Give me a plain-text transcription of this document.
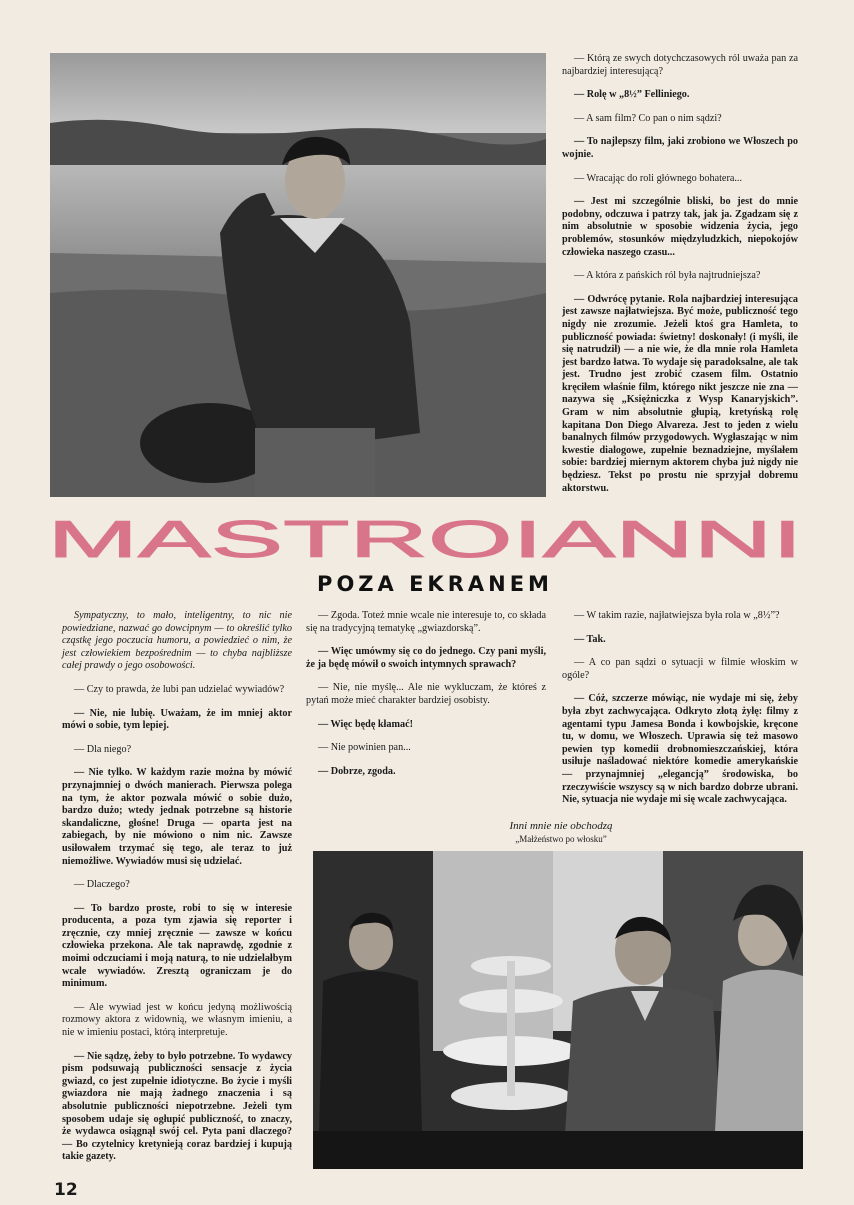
— Którą ze swych dotychczasowych ról uważa pan za najbardziej interesującą?

— Rolę w „8½” Felliniego.

— A sam film? Co pan o nim sądzi?

— To najlepszy film, jaki zrobiono we Włoszech po wojnie.

— Wracając do roli głównego bohatera...

— Jest mi szczególnie bliski, bo jest do mnie podobny, odczuwa i patrzy tak, jak ja. Zgadzam się z nim absolutnie w sposobie widzenia życia, jego problemów, stosunków międzyludzkich, niepokojów człowieka naszego czasu...

— A która z pańskich ról była najtrudniejsza?

— Odwrócę pytanie. Rola najbardziej interesująca jest zawsze najłatwiejsza. Być może, publiczność tego nigdy nie zrozumie. Jeżeli ktoś gra Hamleta, to publiczność powiada: świetny! doskonały! (i myśli, ile się natrudził) — a nie wie, że dla mnie rola Hamleta jest bardzo łatwa. To wydaje się paradoksalne, ale tak jest. Trudno jest zrobić czasem film. Ostatnio kręciłem właśnie film, którego nikt jeszcze nie zna — nazywa się „Księżniczka z Wysp Kanaryjskich”. Gram w nim absolutnie głupią, kretyńską rolę kapitana Don Diego Alvareza. Jest to jeden z wielu banalnych filmów przygodowych. Wygłaszając w nim kwestie dialogowe, zupełnie beznadziejne, myślałem sobie: bardziej miernym aktorem chyba już nigdy nie będziesz. Tekst po prostu nie sprzyjał dobremu aktorstwu.

MASTROIANNI
POZA EKRANEM

Sympatyczny, to mało, inteligentny, to nic nie powiedziane, nazwać go dowcipnym — to określić tylko cząstkę jego poczucia humoru, a powiedzieć o nim, że jest człowiekiem bezpośrednim — to chyba najbliższe całej prawdy o jego osobowości.

— Czy to prawda, że lubi pan udzielać wywiadów?

— Nie, nie lubię. Uważam, że im mniej aktor mówi o sobie, tym lepiej.

— Dla niego?

— Nie tylko. W każdym razie można by mówić przynajmniej o dwóch manierach. Pierwsza polega na tym, że aktor pozwala mówić o sobie dużo, bardzo dużo; wtedy jednak potrzebne są historie skandaliczne, głośne! Druga — oparta jest na zabiegach, by nie mówiono o nim nic. Zawsze usiłowałem trzymać się tego, ale teraz to już niemożliwe. Wywiadów musi się udzielać.

— Dlaczego?

— To bardzo proste, robi to się w interesie producenta, a poza tym zjawia się reporter i zręcznie, czy mniej zręcznie — zawsze w końcu człowieka przekona. Ale tak naprawdę, zgodnie z moimi odczuciami i moją naturą, to nie udzielałbym wcale wywiadów. Zresztą ograniczam je do minimum.

— Ale wywiad jest w końcu jedyną możliwością rozmowy aktora z widownią, we własnym imieniu, a nie w imieniu postaci, którą interpretuje.

— Nie sądzę, żeby to było potrzebne. To wydawcy pism podsuwają publiczności sensacje z życia gwiazd, co jest zupełnie idiotyczne. Bo życie i myśli gwiazdora nie mają żadnego znaczenia i są absolutnie publiczności niepotrzebne. Jeżeli tym sposobem udaje się ogłupić publiczność, to znaczy, że wydawca osiągnął swój cel. Pyta pani dlaczego? — Bo czytelnicy kretynieją coraz bardziej i kupują takie gazety.

— Zgoda. Toteż mnie wcale nie interesuje to, co składa się na tradycyjną tematykę „gwiazdorską”.

— Więc umówmy się co do jednego. Czy pani myśli, że ja będę mówił o swoich intymnych sprawach?

— Nie, nie myślę... Ale nie wykluczam, że któreś z pytań może mieć charakter bardziej osobisty.

— Więc będę kłamać!

— Nie powinien pan...

— Dobrze, zgoda.

— W takim razie, najłatwiejsza była rola w „8½”?

— Tak.

— A co pan sądzi o sytuacji w filmie włoskim w ogóle?

— Cóż, szczerze mówiąc, nie wydaje mi się, żeby była zbyt zachwycająca. Odkryto złotą żyłę: filmy z agentami typu Jamesa Bonda i kowbojskie, kręcone tu, w domu, we Włoszech. Uprawia się też masowo pewien typ komedii drobnomieszczańskiej, która usiłuje naśladować niektóre komedie amerykańskie — przynajmniej „elegancją” środowiska, bo rzeczywiście wszyscy są w nich bardzo dobrze ubrani. Nie, sytuacja nie wydaje mi się wcale zachwycająca.

Inni mnie nie obchodzą
„Małżeństwo po włosku”
12
